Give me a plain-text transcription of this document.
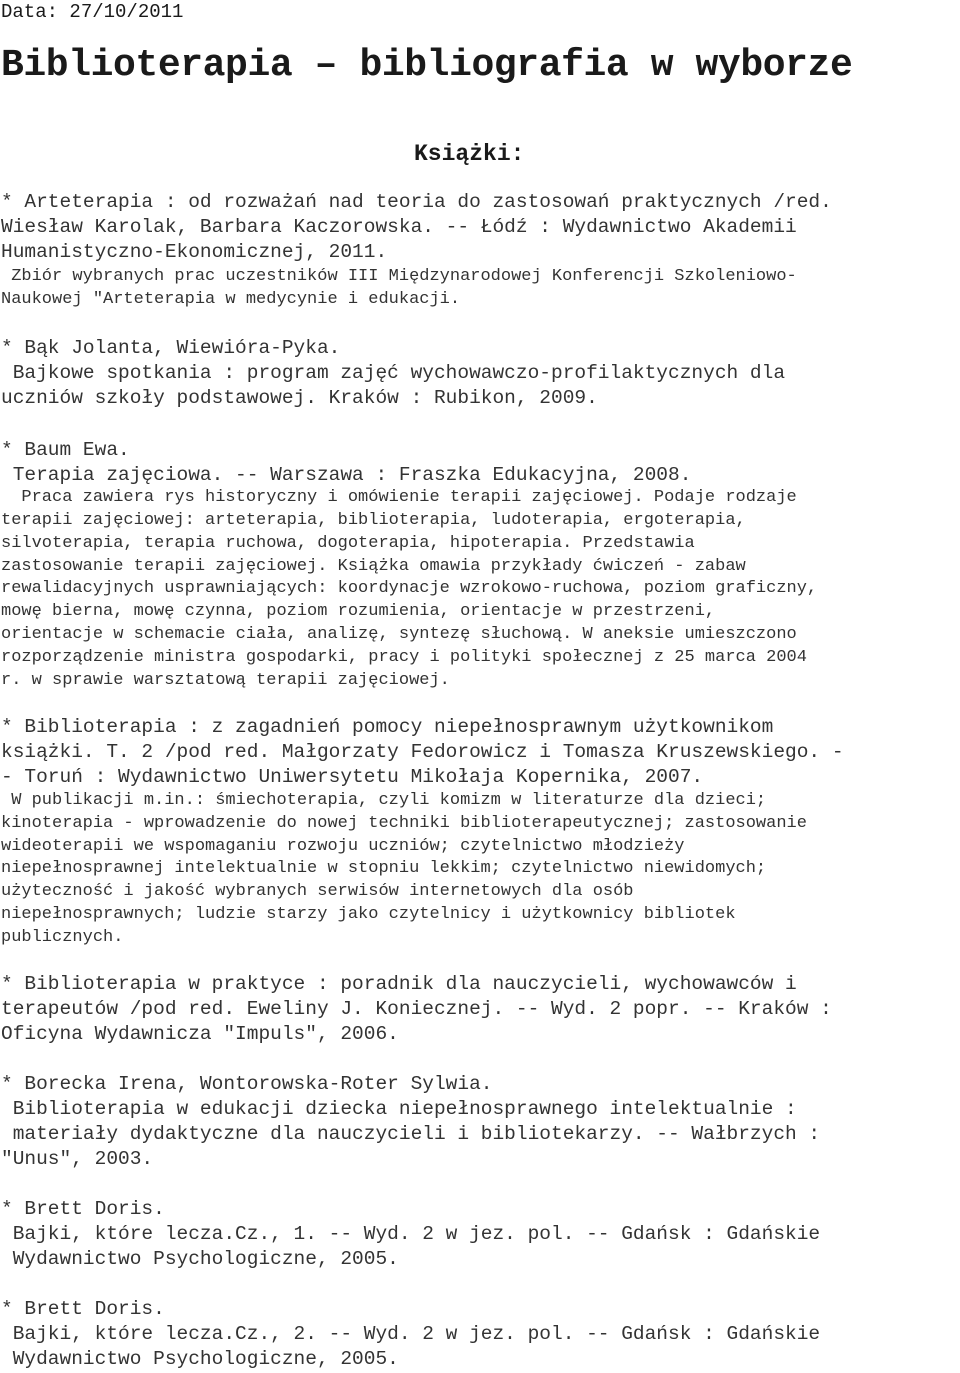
Data: 27/10/2011
Biblioterapia – bibliografia w wyborze
Książki:
* Arteterapia : od rozważań nad teoria do zastosowań praktycznych /red.
Wiesław Karolak, Barbara Kaczorowska. -- Łódź : Wydawnictwo Akademii
Humanistyczno-Ekonomicznej, 2011.
Zbiór wybranych prac uczestników III Międzynarodowej Konferencji Szkoleniowo-
Naukowej "Arteterapia w medycynie i edukacji.
* Bąk Jolanta, Wiewióra-Pyka.
Bajkowe spotkania : program zajęć wychowawczo-profilaktycznych dla
uczniów szkoły podstawowej. Kraków : Rubikon, 2009.
* Baum Ewa.
Terapia zajęciowa. -- Warszawa : Fraszka Edukacyjna, 2008.
Praca zawiera rys historyczny i omówienie terapii zajęciowej. Podaje rodzaje
terapii zajęciowej: arteterapia, biblioterapia, ludoterapia, ergoterapia,
silvoterapia, terapia ruchowa, dogoterapia, hipoterapia. Przedstawia
zastosowanie terapii zajęciowej. Książka omawia przykłady ćwiczeń - zabaw
rewalidacyjnych usprawniających: koordynacje wzrokowo-ruchowa, poziom graficzny,
mowę bierna, mowę czynna, poziom rozumienia, orientacje w przestrzeni,
orientacje w schemacie ciała, analizę, syntezę słuchową. W aneksie umieszczono
rozporządzenie ministra gospodarki, pracy i polityki społecznej z 25 marca 2004
r. w sprawie warsztatową terapii zajęciowej.
* Biblioterapia : z zagadnień pomocy niepełnosprawnym użytkownikom
książki. T. 2 /pod red. Małgorzaty Fedorowicz i Tomasza Kruszewskiego. -
- Toruń : Wydawnictwo Uniwersytetu Mikołaja Kopernika, 2007.
W publikacji m.in.: śmiechoterapia, czyli komizm w literaturze dla dzieci;
kinoterapia - wprowadzenie do nowej techniki biblioterapeutycznej; zastosowanie
wideoterapii we wspomaganiu rozwoju uczniów; czytelnictwo młodzieży
niepełnosprawnej intelektualnie w stopniu lekkim; czytelnictwo niewidomych;
użyteczność i jakość wybranych serwisów internetowych dla osób
niepełnosprawnych; ludzie starzy jako czytelnicy i użytkownicy bibliotek
publicznych.
* Biblioterapia w praktyce : poradnik dla nauczycieli, wychowawców i
terapeutów /pod red. Eweliny J. Koniecznej. -- Wyd. 2 popr. -- Kraków :
Oficyna Wydawnicza "Impuls", 2006.
* Borecka Irena, Wontorowska-Roter Sylwia.
Biblioterapia w edukacji dziecka niepełnosprawnego intelektualnie :
materiały dydaktyczne dla nauczycieli i bibliotekarzy. -- Wałbrzych :
"Unus", 2003.
* Brett Doris.
Bajki, które lecza.Cz., 1. -- Wyd. 2 w jez. pol. -- Gdańsk : Gdańskie
Wydawnictwo Psychologiczne, 2005.
* Brett Doris.
Bajki, które lecza.Cz., 2. -- Wyd. 2 w jez. pol. -- Gdańsk : Gdańskie
Wydawnictwo Psychologiczne, 2005.
